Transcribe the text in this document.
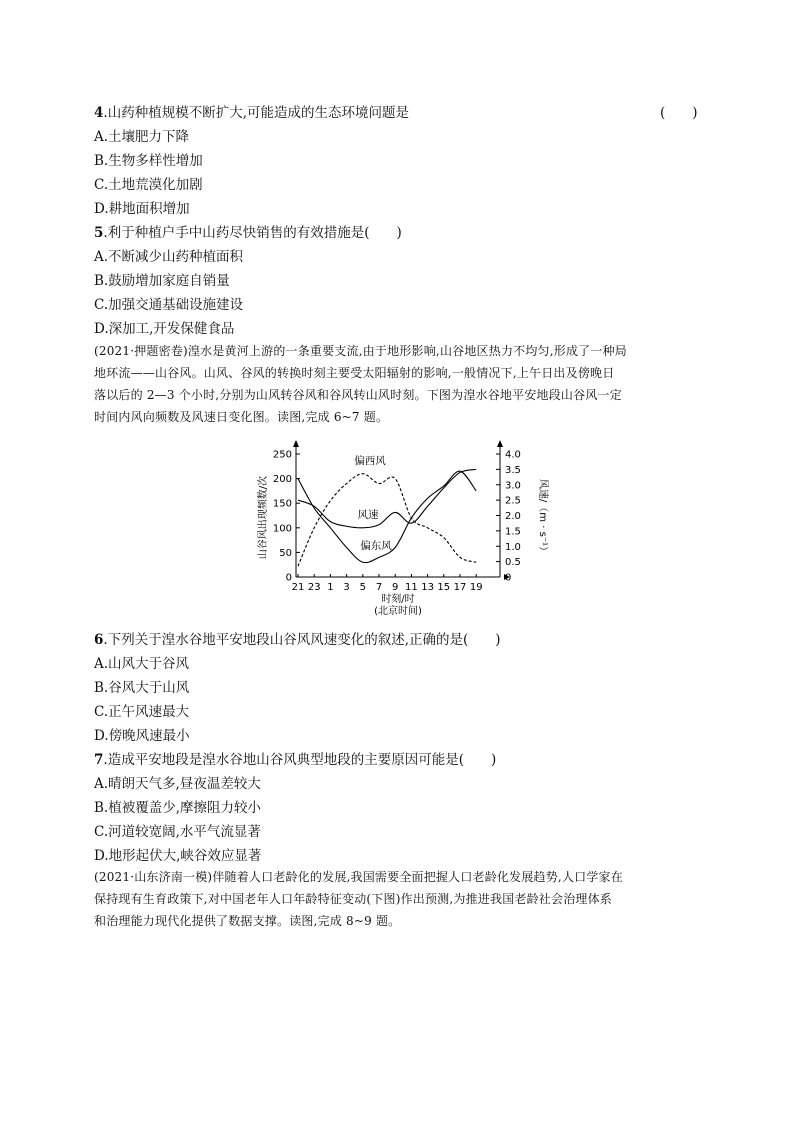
4.山药种植规模不断扩大,可能造成的生态环境问题是	(　　)
A.土壤肥力下降
B.生物多样性增加
C.土地荒漠化加剧
D.耕地面积增加
5.利于种植户手中山药尽快销售的有效措施是(　　)
A.不断减少山药种植面积
B.鼓励增加家庭自销量
C.加强交通基础设施建设
D.深加工,开发保健食品

(2021·押题密卷)湟水是黄河上游的一条重要支流,由于地形影响,山谷地区热力不均匀,形成了一种局

地环流——山谷风。山风、谷风的转换时刻主要受太阳辐射的影响,一般情况下,上午日出及傍晚日

落以后的 2—3 个小时,分别为山风转谷风和谷风转山风时刻。下图为湟水谷地平安地段山谷风一定

时间内风向频数及风速日变化图。读图,完成 6~7 题。

0
50
100
150
200
250
0
0.5
1.0
1.5
2.0
2.5
3.0
3.5
4.0
21 23 1 3 5 7 9 11 13 15 17 19
时刻/时
(北京时间)
山谷风出现频数/次	风速/（m · s⁻¹）
偏西风
风速
偏东风
6.下列关于湟水谷地平安地段山谷风风速变化的叙述,正确的是(　　)
A.山风大于谷风
B.谷风大于山风
C.正午风速最大
D.傍晚风速最小
7.造成平安地段是湟水谷地山谷风典型地段的主要原因可能是(　　)
A.晴朗天气多,昼夜温差较大
B.植被覆盖少,摩擦阻力较小
C.河道较宽阔,水平气流显著
D.地形起伏大,峡谷效应显著

(2021·山东济南一模)伴随着人口老龄化的发展,我国需要全面把握人口老龄化发展趋势,人口学家在

保持现有生育政策下,对中国老年人口年龄特征变动(下图)作出预测,为推进我国老龄社会治理体系

和治理能力现代化提供了数据支撑。读图,完成 8~9 题。
